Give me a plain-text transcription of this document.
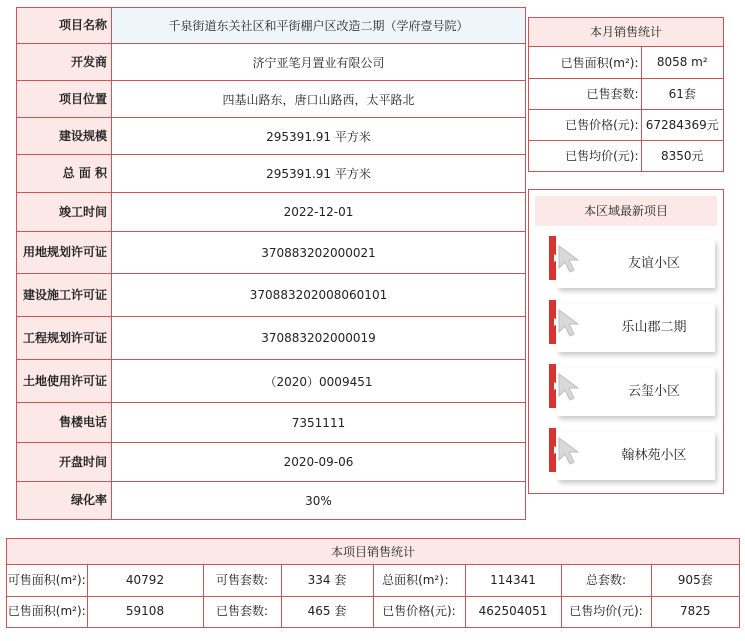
项目名称	千泉街道东关社区和平街棚户区改造二期（学府壹号院）
开发商	济宁亚笔月置业有限公司
项目位置	四基山路东，唐口山路西，太平路北
建设规模	295391.91 平方米
总 面 积	295391.91 平方米
竣工时间	2022-12-01
用地规划许可证	370883202000021
建设施工许可证	370883202008060101
工程规划许可证	370883202000019
土地使用许可证	（2020）0009451
售楼电话	7351111
开盘时间	2020-09-06
绿化率	30%
本月销售统计
已售面积(m²):	8058 m²
已售套数:	61套
已售价格(元):	67284369元
已售均价(元):	8350元
本区域最新项目
友谊小区
乐山郡二期
云玺小区
翰林苑小区
本项目销售统计
可售面积(m²):	40792	可售套数:	334 套	总面积(m²)：	114341	总套数:	905套
已售面积(m²):	59108	已售套数:	465 套	已售价格(元):	462504051	已售均价(元):	7825
